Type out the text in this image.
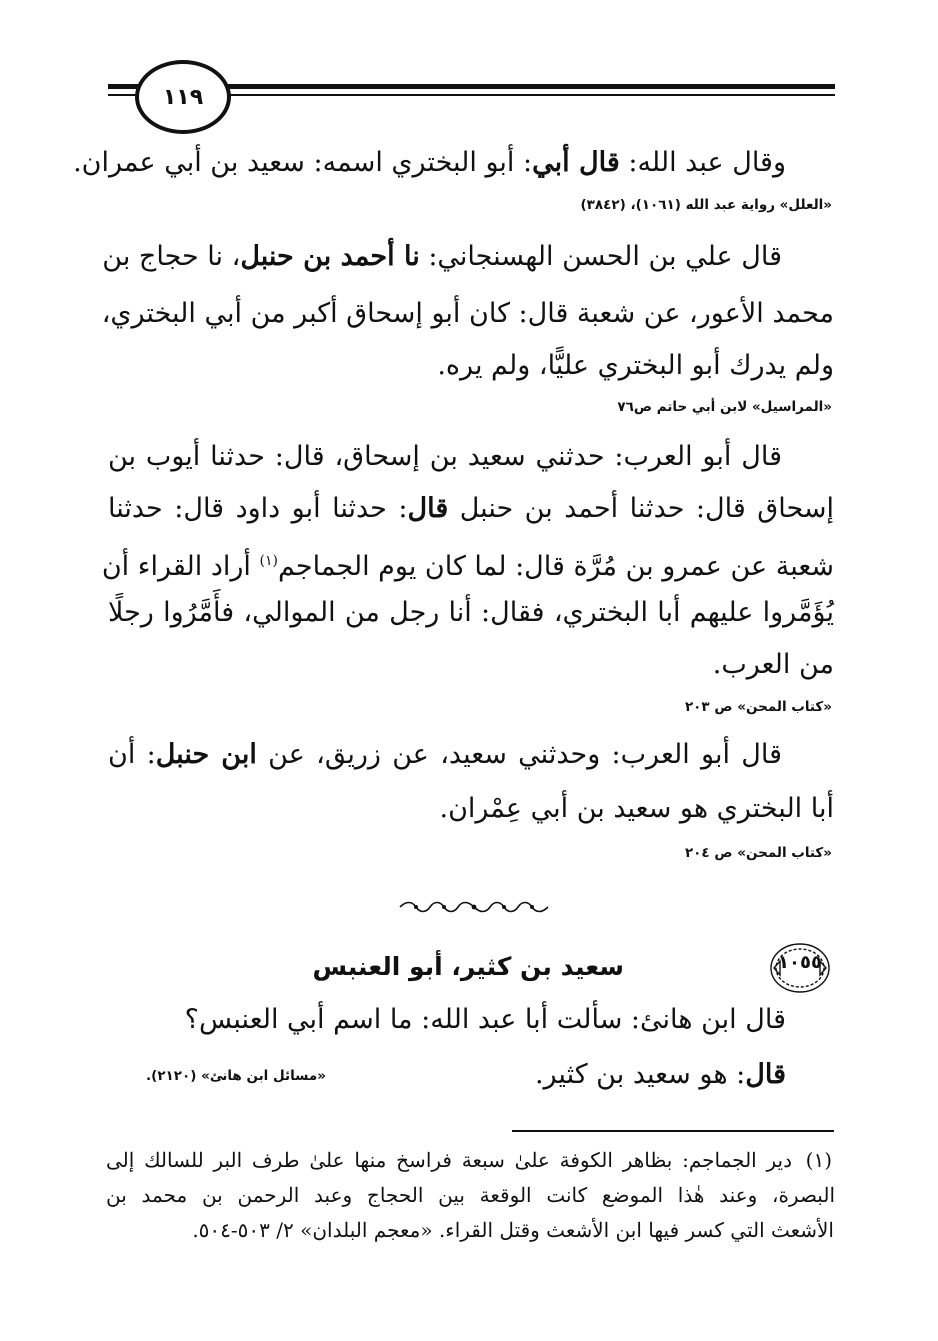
١١٩
وقال عبد الله: قال أبي: أبو البختري اسمه: سعيد بن أبي عمران.
«العلل» رواية عبد الله (١٠٦١)، (٣٨٤٢)
قال علي بن الحسن الهسنجاني: نا أحمد بن حنبل، نا حجاج بن
محمد الأعور، عن شعبة قال: كان أبو إسحاق أكبر من أبي البختري،
ولم يدرك أبو البختري عليًّا، ولم يره.
«المراسيل» لابن أبي حاتم ص٧٦
قال أبو العرب: حدثني سعيد بن إسحاق، قال: حدثنا أيوب بن
إسحاق قال: حدثنا أحمد بن حنبل قال: حدثنا أبو داود قال: حدثنا
شعبة عن عمرو بن مُرَّة قال: لما كان يوم الجماجم$^{(١)}$ أراد القراء أن
يُؤَمَّروا عليهم أبا البختري، فقال: أنا رجل من الموالي، فأَمَّرُوا رجلًا
من العرب.
«كتاب المحن» ص ٢٠٣
قال أبو العرب: وحدثني سعيد، عن زريق، عن ابن حنبل: أن
أبا البختري هو سعيد بن أبي عِمْران.
«كتاب المحن» ص ٢٠٤
١٠٥٥
سعيد بن كثير، أبو العنبس
قال ابن هانئ: سألت أبا عبد الله: ما اسم أبي العنبس؟
قال: هو سعيد بن كثير.
«مسائل ابن هانئ» (٢١٢٠).
(١)
دير الجماجم: بظاهر الكوفة علىٰ سبعة فراسخ منها علىٰ طرف البر للسالك إلى
البصرة، وعند هٰذا الموضع كانت الوقعة بين الحجاج وعبد الرحمن بن محمد بن
الأشعث التي كسر فيها ابن الأشعث وقتل القراء. «معجم البلدان» ٢/ ٥٠٣-٥٠٤.
